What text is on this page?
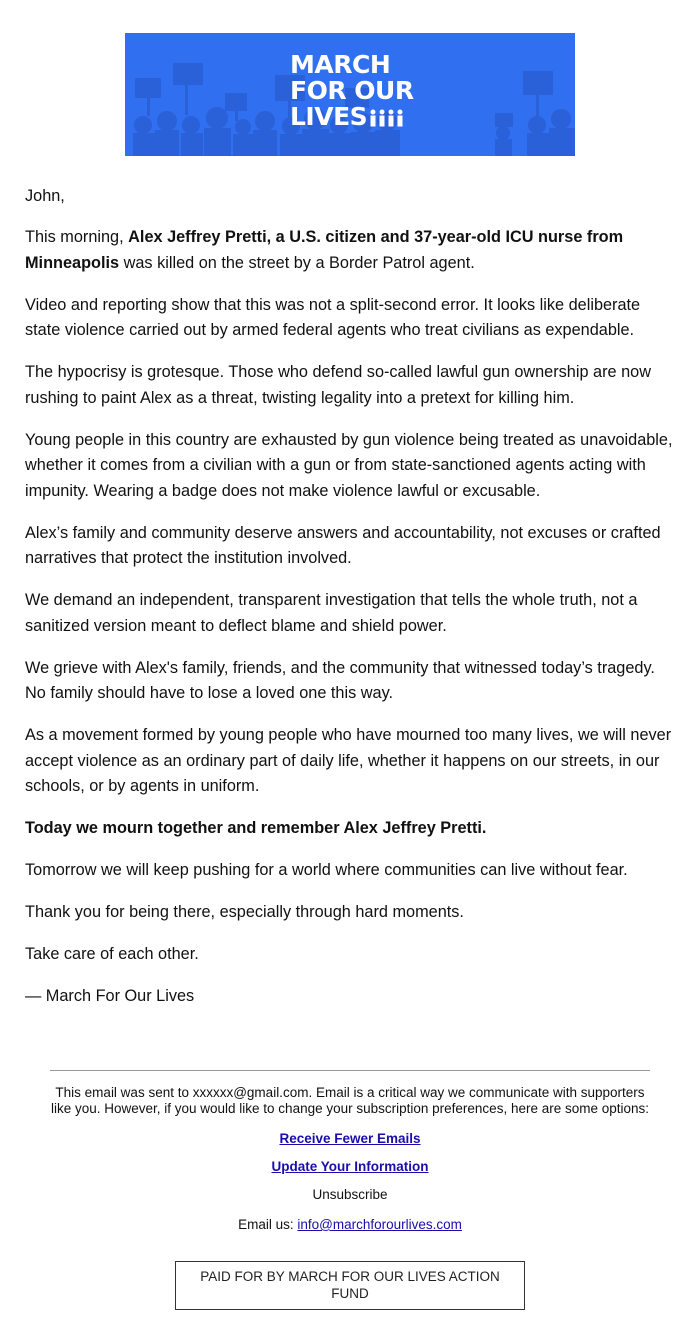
MARCH
FOR OUR
LIVES

John,

This morning, Alex Jeffrey Pretti, a U.S. citizen and 37-year-old ICU nurse from Minneapolis was killed on the street by a Border Patrol agent.

Video and reporting show that this was not a split-second error. It looks like deliberate state violence carried out by armed federal agents who treat civilians as expendable.

The hypocrisy is grotesque. Those who defend so-called lawful gun ownership are now rushing to paint Alex as a threat, twisting legality into a pretext for killing him.

Young people in this country are exhausted by gun violence being treated as unavoidable, whether it comes from a civilian with a gun or from state-sanctioned agents acting with impunity. Wearing a badge does not make violence lawful or excusable.

Alex’s family and community deserve answers and accountability, not excuses or crafted narratives that protect the institution involved.

We demand an independent, transparent investigation that tells the whole truth, not a sanitized version meant to deflect blame and shield power.

We grieve with Alex's family, friends, and the community that witnessed today’s tragedy. No family should have to lose a loved one this way.

As a movement formed by young people who have mourned too many lives, we will never accept violence as an ordinary part of daily life, whether it happens on our streets, in our schools, or by agents in uniform.

Today we mourn together and remember Alex Jeffrey Pretti.

Tomorrow we will keep pushing for a world where communities can live without fear.

Thank you for being there, especially through hard moments.

Take care of each other.

— March For Our Lives

This email was sent to xxxxxx@gmail.com. Email is a critical way we communicate with supporters like you. However, if you would like to change your subscription preferences, here are some options:

Receive Fewer Emails

Update Your Information

Unsubscribe

Email us: info@marchforourlives.com

PAID FOR BY MARCH FOR OUR LIVES ACTION FUND
